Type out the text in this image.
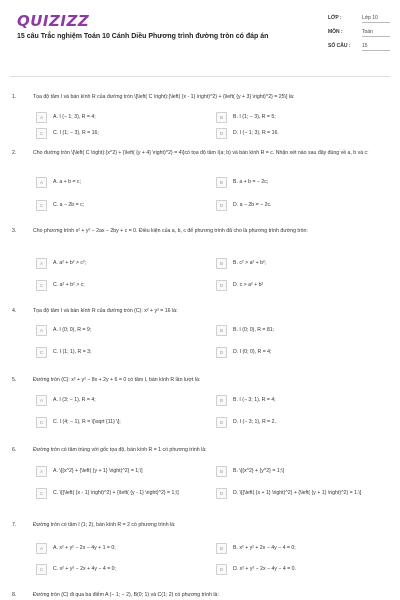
QUIZIZZ
15 câu Trắc nghiệm Toán 10 Cánh Diều Phương trình đường tròn có đáp án
LỚP :	Lớp 10
MÔN :	Toán
SỐ CÂU : 15
1.	Tọa độ tâm I và bán kính R của đường tròn \[\left( C \right):{\left( {x - 1} \right)^2} + {\left( {y + 3} \right)^2} = 25\] là:
A	A. I (− 1; 3), R = 4;	B	B. I (1; − 3), R = 5;
C	C. I (1; − 3), R = 16;	D	D. I (− 1; 3), R = 16.
2.	Cho đường tròn \[\left( C \right):{x^2} + {\left( {y + 4} \right)^2} = 4\]có tọa độ tâm I(a; b) và bán kính R = c. Nhận xét nào sau đây đúng về a, b và c:
A	A. a + b = c;	B	B. a + b = − 2c;
C	C. a − 2b = c;	D	D. a − 2b = − 2c.
3.	Cho phương trình x² + y² − 2ax − 2by + c = 0. Điều kiện của a, b, c để phương trình đã cho là phương trình đường tròn:
A	A. a² + b² > c²;	B	B. c² > a² + b²;
C	C. a² + b² > c;	D	D. c > a² + b²
4.	Tọa độ tâm I và bán kính R của đường tròn (C): x² + y² = 16 là:
A	A. I (0; 0), R = 9;	B	B. I (0; 0), R = 81;
C	C. I (1; 1), R = 3;	D	D. I (0; 0), R = 4;
5.	Đường tròn (C): x² + y² − 8x + 2y + 6 = 0 có tâm I, bán kính R lần lượt là:
A	A. I (3; − 1), R = 4;	B	B. I (− 3; 1), R = 4;
C	C. I (4; − 1), R = \[\sqrt {11} \];	D	D. I (− 3; 1), R = 2.
6.	Đường tròn có tâm trùng với gốc tọa độ, bán kính R = 1 có phương trình là:
A	A. \[{x^2} + {\left( {y + 1} \right)^2} = 1;\]	B	B. \[{x^2} + {y^2} = 1;\]
C	C. \[{\left( {x - 1} \right)^2} + {\left( {y - 1} \right)^2} = 1;\]	D	D. \[{\left( {x + 1} \right)^2} + {\left( {y + 1} \right)^2} = 1.\]
7.	Đường tròn có tâm I (1; 2), bán kính R = 2 có phương trình là:
A	A. x² + y² − 2x − 4y + 1 = 0;	B	B. x² + y² + 2x − 4y − 4 = 0;
C	C. x² + y² − 2x + 4y − 4 = 0;	D	D. x² + y² − 2x − 4y − 4 = 0.
8.	Đường tròn (C) đi qua ba điểm A (− 1; − 2), B(0; 1) và C(1; 2) có phương trình là:
